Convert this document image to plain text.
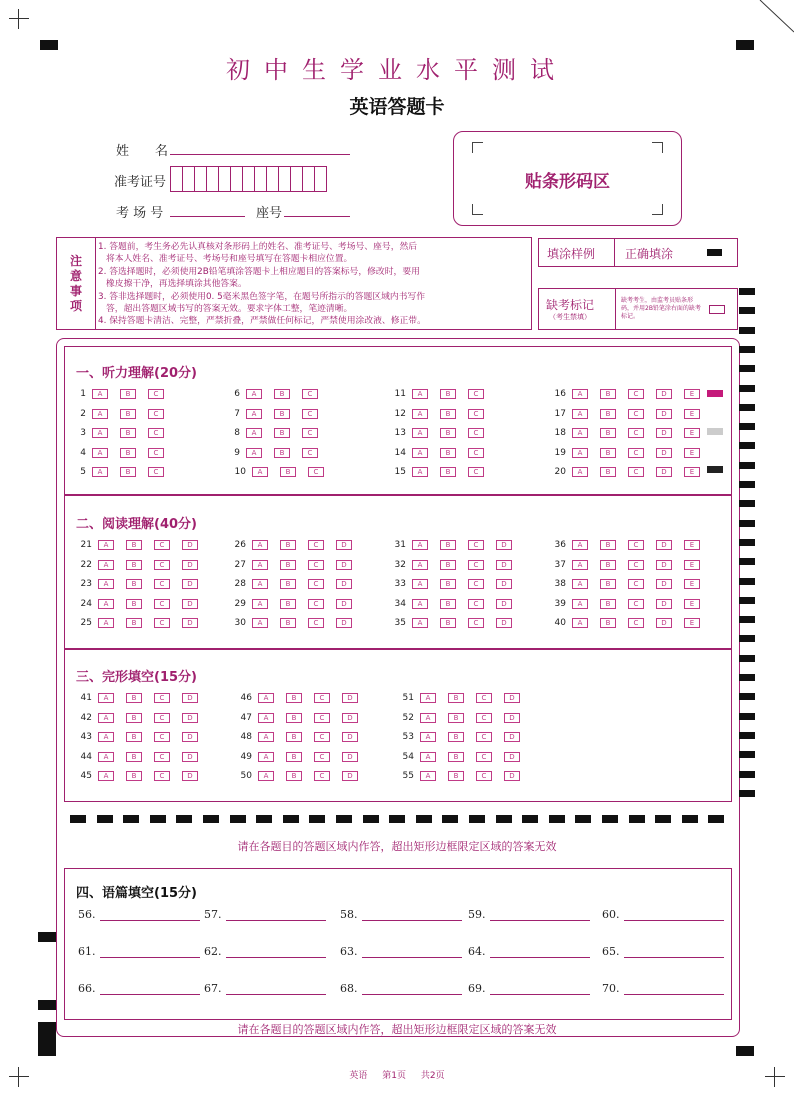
初中生学业水平测试
英语答题卡
姓　　名
准考证号
考 场 号	座号
贴条形码区
注
意
事
项
1. 答题前，考生务必先认真核对条形码上的姓名、准考证号、考场号、座号，然后
将本人姓名、准考证号、考场号和座号填写在答题卡相应位置。
2. 答选择题时，必须使用2B铅笔填涂答题卡上相应题目的答案标号，修改时，要用
橡皮擦干净，再选择填涂其他答案。
3. 答非选择题时，必须使用0. 5毫米黑色签字笔，在题号所指示的答题区域内书写作
答，超出答题区域书写的答案无效。要求字体工整，笔迹清晰。
4. 保持答题卡清洁、完整，严禁折叠，严禁做任何标记，严禁使用涂改液、修正带。
填涂样例 正确填涂
缺考标记
（考生禁填）
缺考考生，由监考员贴条形码，并用2B铅笔涂右面的缺考标记。
一、听力理解(20分)
1	A	B	C
2	A	B	C
3	A	B	C
4	A	B	C
5	A	B	C
6	A	B	C
7	A	B	C
8	A	B	C
9	A	B	C
10	A	B	C
11	A	B	C
12	A	B	C
13	A	B	C
14	A	B	C
15	A	B	C
16	A	B	C	D	E
17	A	B	C	D	E
18	A	B	C	D	E
19	A	B	C	D	E
20	A	B	C	D	E
二、阅读理解(40分)
21	A	B	C	D
22	A	B	C	D
23	A	B	C	D
24	A	B	C	D
25	A	B	C	D
26	A	B	C	D
27	A	B	C	D
28	A	B	C	D
29	A	B	C	D
30	A	B	C	D
31	A	B	C	D
32	A	B	C	D
33	A	B	C	D
34	A	B	C	D
35	A	B	C	D
36	A	B	C	D	E
37	A	B	C	D	E
38	A	B	C	D	E
39	A	B	C	D	E
40	A	B	C	D	E
三、完形填空(15分)
41	A	B	C	D
42	A	B	C	D
43	A	B	C	D
44	A	B	C	D
45	A	B	C	D
46	A	B	C	D
47	A	B	C	D
48	A	B	C	D
49	A	B	C	D
50	A	B	C	D
51	A	B	C	D
52	A	B	C	D
53	A	B	C	D
54	A	B	C	D
55	A	B	C	D
请在各题目的答题区域内作答，超出矩形边框限定区域的答案无效
四、语篇填空(15分)
56.	57.	58.	59.	60.
61.	62.	63.	64.	65.
66.	67.	68.	69.	70.
请在各题目的答题区域内作答，超出矩形边框限定区域的答案无效
英语 第1页 共2页
